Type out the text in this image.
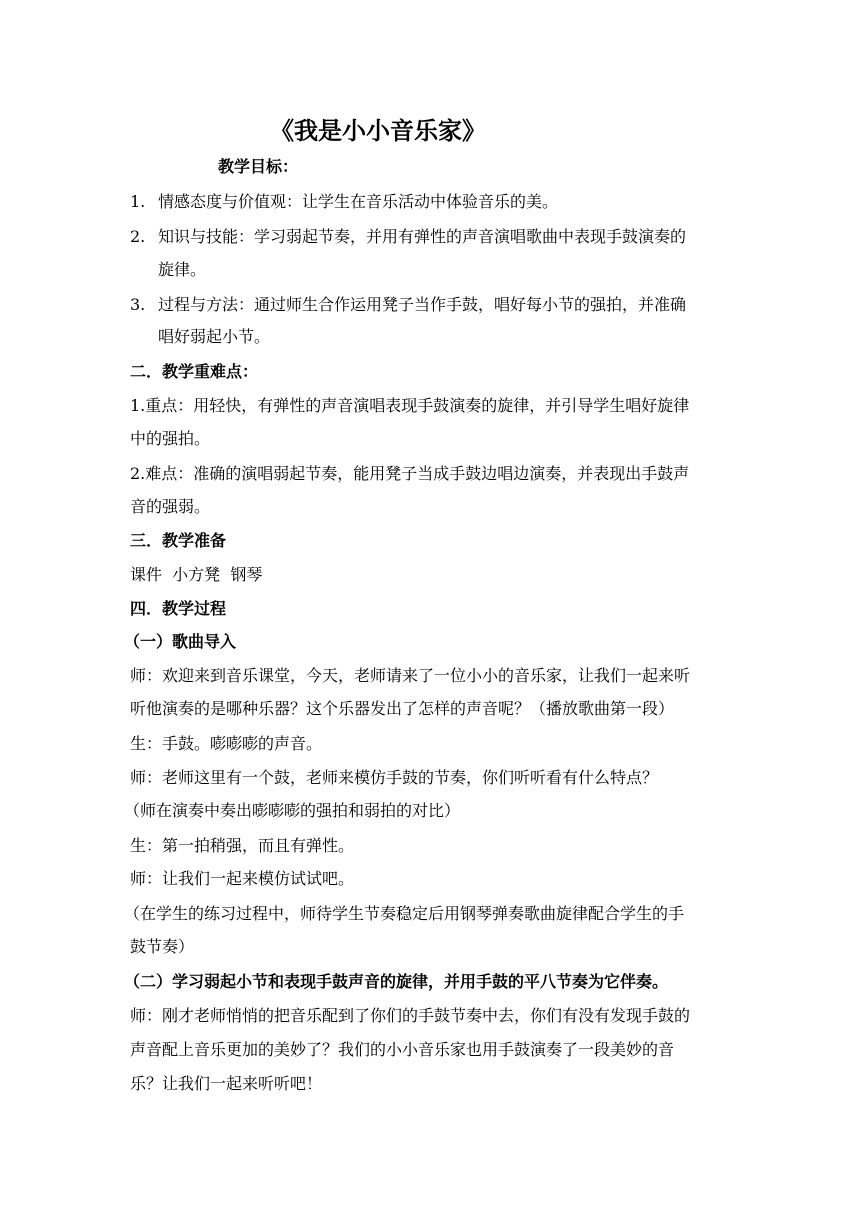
《我是小小音乐家》
教学目标：
1. 情感态度与价值观：让学生在音乐活动中体验音乐的美。
2. 知识与技能：学习弱起节奏，并用有弹性的声音演唱歌曲中表现手鼓演奏的
旋律。
3. 过程与方法：通过师生合作运用凳子当作手鼓，唱好每小节的强拍，并准确
唱好弱起小节。
二．教学重难点：
1.重点：用轻快，有弹性的声音演唱表现手鼓演奏的旋律，并引导学生唱好旋律
中的强拍。
2.难点：准确的演唱弱起节奏，能用凳子当成手鼓边唱边演奏，并表现出手鼓声
音的强弱。
三．教学准备
课件  小方凳  钢琴
四．教学过程
（一）歌曲导入
师：欢迎来到音乐课堂，今天，老师请来了一位小小的音乐家，让我们一起来听
听他演奏的是哪种乐器？这个乐器发出了怎样的声音呢？（播放歌曲第一段）
生：手鼓。嘭嘭嘭的声音。
师：老师这里有一个鼓，老师来模仿手鼓的节奏，你们听听看有什么特点？
（师在演奏中奏出嘭嘭嘭的强拍和弱拍的对比）
生：第一拍稍强，而且有弹性。
师：让我们一起来模仿试试吧。
（在学生的练习过程中，师待学生节奏稳定后用钢琴弹奏歌曲旋律配合学生的手
鼓节奏）
（二）学习弱起小节和表现手鼓声音的旋律，并用手鼓的平八节奏为它伴奏。
师：刚才老师悄悄的把音乐配到了你们的手鼓节奏中去，你们有没有发现手鼓的
声音配上音乐更加的美妙了？我们的小小音乐家也用手鼓演奏了一段美妙的音
乐？让我们一起来听听吧！
